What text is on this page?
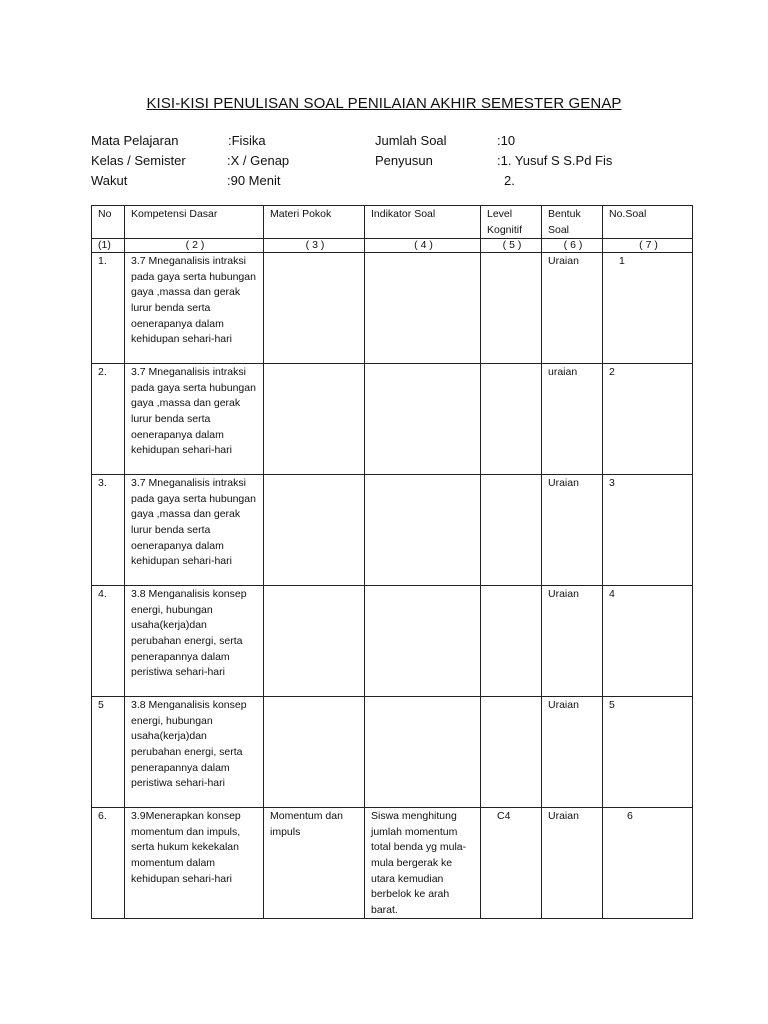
KISI-KISI PENULISAN SOAL PENILAIAN AKHIR SEMESTER GENAP
Mata Pelajaran	:Fisika
Kelas / Semister	:X / Genap
Wakut	:90 Menit
Jumlah Soal	:10
Penyusun	:1. Yusuf S S.Pd Fis
2.
No	Kompetensi Dasar	Materi Pokok	Indikator Soal	Level Kognitif	Bentuk Soal	No.Soal
(1)	( 2 )	( 3 )	( 4 )	( 5 )	( 6 )	( 7 )
1.	3.7 Mneganalisis intraksi pada gaya serta hubungan gaya ,massa dan gerak lurur benda serta oenerapanya dalam kehidupan sehari-hari				Uraian	1
2.	3.7 Mneganalisis intraksi pada gaya serta hubungan gaya ,massa dan gerak lurur benda serta oenerapanya dalam kehidupan sehari-hari				uraian	2
3.	3.7 Mneganalisis intraksi pada gaya serta hubungan gaya ,massa dan gerak lurur benda serta oenerapanya dalam kehidupan sehari-hari				Uraian	3
4.	3.8 Menganalisis konsep energi, hubungan usaha(kerja)dan perubahan energi, serta penerapannya dalam peristiwa sehari-hari				Uraian	4
5	3.8 Menganalisis konsep energi, hubungan usaha(kerja)dan perubahan energi, serta penerapannya dalam peristiwa sehari-hari				Uraian	5
6.	3.9Menerapkan konsep momentum dan impuls, serta hukum kekekalan momentum dalam kehidupan sehari-hari	Momentum dan impuls	Siswa menghitung jumlah momentum total benda yg mula-mula bergerak ke utara kemudian berbelok ke arah barat.	C4	Uraian	6
